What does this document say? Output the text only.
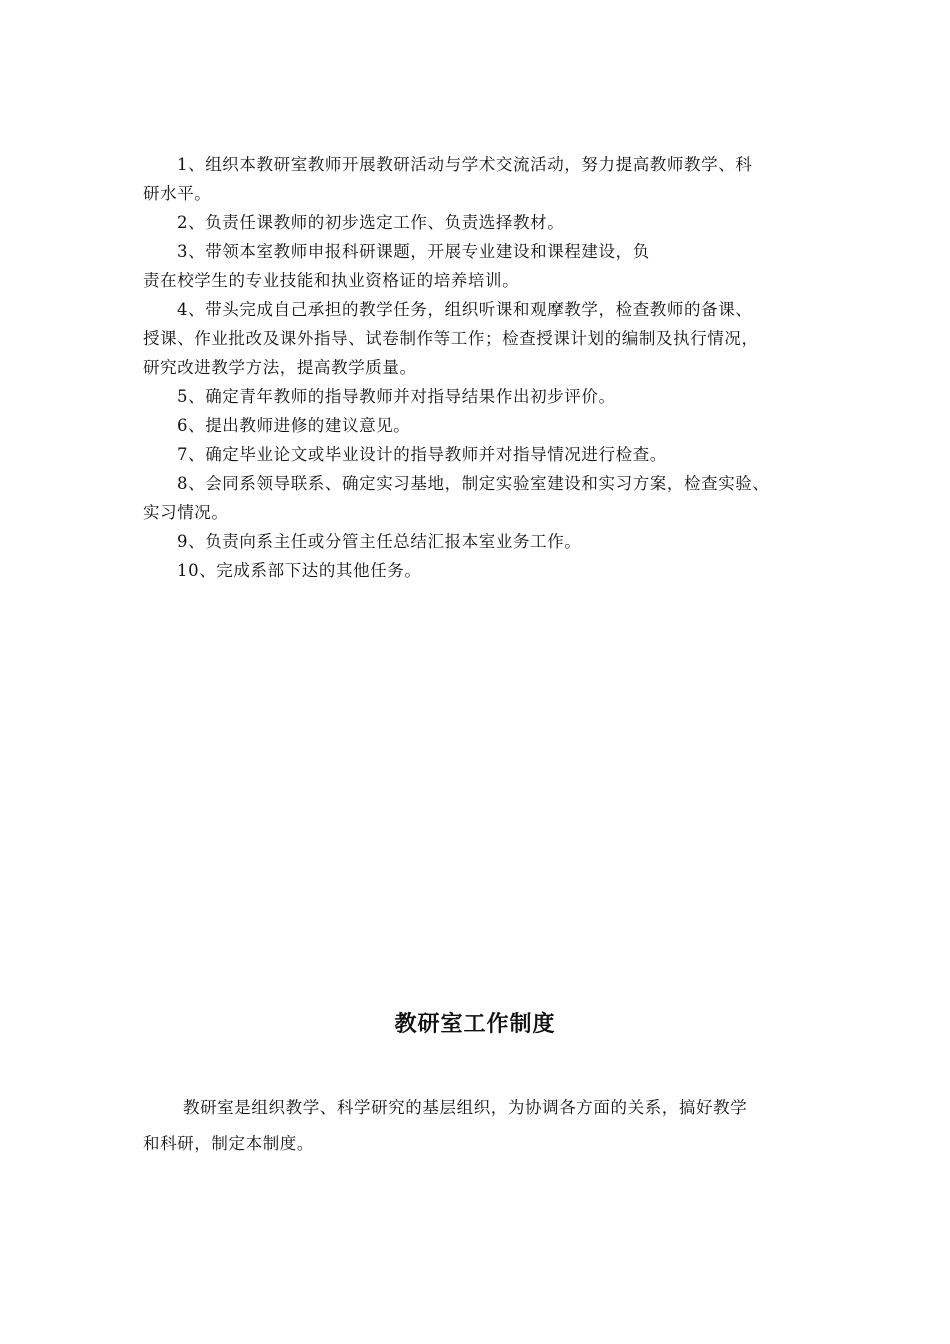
1、组织本教研室教师开展教研活动与学术交流活动，努力提高教师教学、科
研水平。

2、负责任课教师的初步选定工作、负责选择教材。

3、带领本室教师申报科研课题，开展专业建设和课程建设，负
责在校学生的专业技能和执业资格证的培养培训。

4、带头完成自己承担的教学任务，组织听课和观摩教学，检查教师的备课、
授课、作业批改及课外指导、试卷制作等工作；检查授课计划的编制及执行情况，
研究改进教学方法，提高教学质量。

5、确定青年教师的指导教师并对指导结果作出初步评价。

6、提出教师进修的建议意见。

7、确定毕业论文或毕业设计的指导教师并对指导情况进行检查。

8、会同系领导联系、确定实习基地，制定实验室建设和实习方案，检查实验、
实习情况。

9、负责向系主任或分管主任总结汇报本室业务工作。

10、完成系部下达的其他任务。

教研室工作制度

教研室是组织教学、科学研究的基层组织，为协调各方面的关系，搞好教学
和科研，制定本制度。
